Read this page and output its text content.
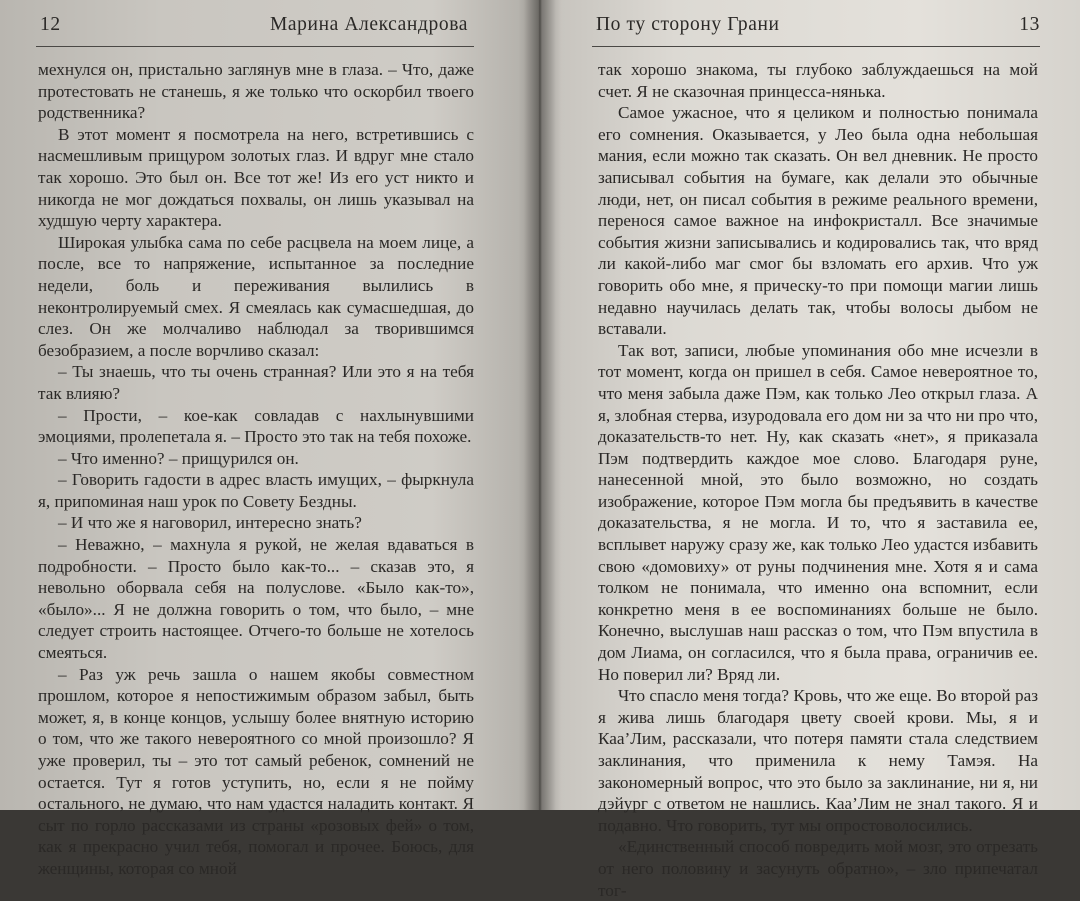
12	Марина Александрова

мехнулся он, пристально заглянув мне в глаза. – Что, даже протестовать не станешь, я же только что оскорбил твоего родственника?

В этот момент я посмотрела на него, встретившись с насмешливым прищуром золотых глаз. И вдруг мне стало так хорошо. Это был он. Все тот же! Из его уст никто и никогда не мог дождаться похвалы, он лишь указывал на худшую черту характера.

Широкая улыбка сама по себе расцвела на моем лице, а после, все то напряжение, испытанное за последние недели, боль и переживания вылились в неконтролируемый смех. Я смеялась как сумасшедшая, до слез. Он же молчаливо наблюдал за творившимся безобразием, а после ворчливо сказал:

– Ты знаешь, что ты очень странная? Или это я на тебя так влияю?

– Прости, – кое-как совладав с нахлынувшими эмоциями, пролепетала я. – Просто это так на тебя похоже.

– Что именно? – прищурился он.

– Говорить гадости в адрес власть имущих, – фыркнула я, припоминая наш урок по Совету Бездны.

– И что же я наговорил, интересно знать?

– Неважно, – махнула я рукой, не желая вдаваться в подробности. – Просто было как-то... – сказав это, я невольно оборвала себя на полуслове. «Было как-то», «было»... Я не должна говорить о том, что было, – мне следует строить настоящее. Отчего-то больше не хотелось смеяться.

– Раз уж речь зашла о нашем якобы совместном прошлом, которое я непостижимым образом забыл, быть может, я, в конце концов, услышу более внятную историю о том, что же такого невероятного со мной произошло? Я уже проверил, ты – это тот самый ребенок, сомнений не остается. Тут я готов уступить, но, если я не пойму остального, не думаю, что нам удастся наладить контакт. Я сыт по горло рассказами из страны «розовых фей» о том, как я прекрасно учил тебя, помогал и прочее. Боюсь, для женщины, которая со мной

По ту сторону Грани	13

так хорошо знакома, ты глубоко заблуждаешься на мой счет. Я не сказочная принцесса-нянька.

Самое ужасное, что я целиком и полностью понимала его сомнения. Оказывается, у Лео была одна небольшая мания, если можно так сказать. Он вел дневник. Не просто записывал события на бумаге, как делали это обычные люди, нет, он писал события в режиме реального времени, перенося самое важное на инфокристалл. Все значимые события жизни записывались и кодировались так, что вряд ли какой-либо маг смог бы взломать его архив. Что уж говорить обо мне, я прическу-то при помощи магии лишь недавно научилась делать так, чтобы волосы дыбом не вставали.

Так вот, записи, любые упоминания обо мне исчезли в тот момент, когда он пришел в себя. Самое невероятное то, что меня забыла даже Пэм, как только Лео открыл глаза. А я, злобная стерва, изуродовала его дом ни за что ни про что, доказательств-то нет. Ну, как сказать «нет», я приказала Пэм подтвердить каждое мое слово. Благодаря руне, нанесенной мной, это было возможно, но создать изображение, которое Пэм могла бы предъявить в качестве доказательства, я не могла. И то, что я заставила ее, всплывет наружу сразу же, как только Лео удастся избавить свою «домовиху» от руны подчинения мне. Хотя я и сама толком не понимала, что именно она вспомнит, если конкретно меня в ее воспоминаниях больше не было. Конечно, выслушав наш рассказ о том, что Пэм впустила в дом Лиама, он согласился, что я была права, ограничив ее. Но поверил ли? Вряд ли.

Что спасло меня тогда? Кровь, что же еще. Во второй раз я жива лишь благодаря цвету своей крови. Мы, я и Каа’Лим, рассказали, что потеря памяти стала следствием заклинания, что применила к нему Тамэя. На закономерный вопрос, что это было за заклинание, ни я, ни дэйург с ответом не нашлись. Каа’Лим не знал такого. Я и подавно. Что говорить, тут мы опростоволосились.

«Единственный способ повредить мой мозг, это отрезать от него половину и засунуть обратно», – зло припечатал тог-
